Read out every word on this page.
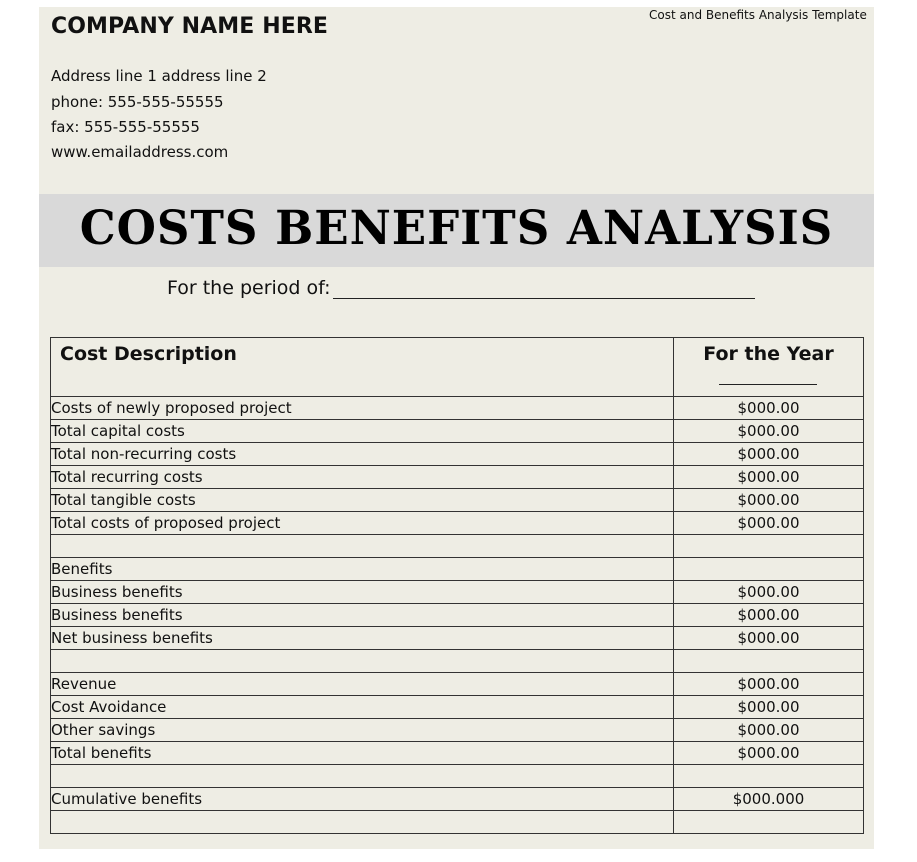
Cost and Benefits Analysis Template
COMPANY NAME HERE
Address line 1 address line 2
phone: 555-555-55555
fax: 555-555-55555
www.emailaddress.com
COSTS BENEFITS ANALYSIS
For the period of:
Cost Description	For the Year

Costs of newly proposed project	$000.00
Total capital costs	$000.00
Total non-recurring costs	$000.00
Total recurring costs	$000.00
Total tangible costs	$000.00
Total costs of proposed project	$000.00

Benefits	
Business benefits	$000.00
Business benefits	$000.00
Net business benefits	$000.00

Revenue	$000.00
Cost Avoidance	$000.00
Other savings	$000.00
Total benefits	$000.00

Cumulative benefits	$000.000
